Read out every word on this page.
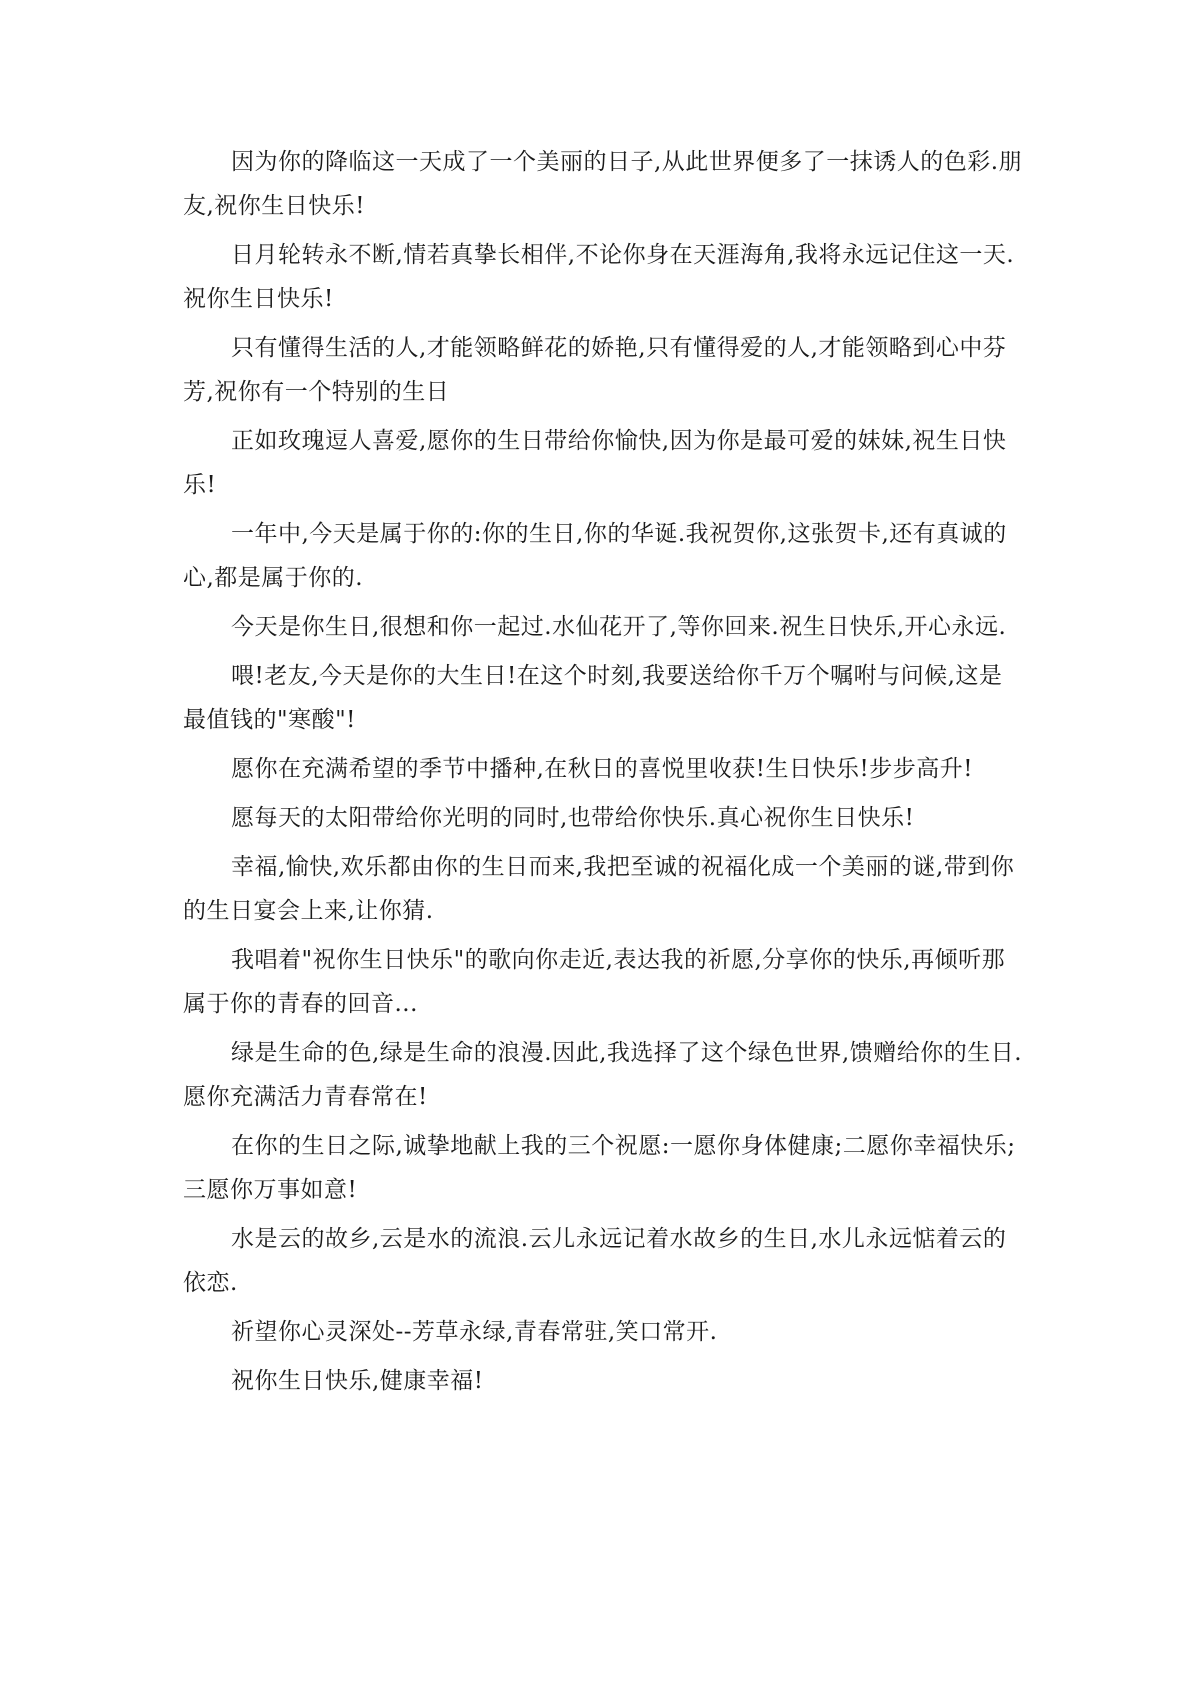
因为你的降临这一天成了一个美丽的日子,从此世界便多了一抹诱人的色彩.朋友,祝你生日快乐!

日月轮转永不断,情若真挚长相伴,不论你身在天涯海角,我将永远记住这一天.祝你生日快乐!

只有懂得生活的人,才能领略鲜花的娇艳,只有懂得爱的人,才能领略到心中芬芳,祝你有一个特别的生日

正如玫瑰逗人喜爱,愿你的生日带给你愉快,因为你是最可爱的妹妹,祝生日快乐!

一年中,今天是属于你的:你的生日,你的华诞.我祝贺你,这张贺卡,还有真诚的心,都是属于你的.

今天是你生日,很想和你一起过.水仙花开了,等你回来.祝生日快乐,开心永远.

喂!老友,今天是你的大生日!在这个时刻,我要送给你千万个嘱咐与问候,这是最值钱的"寒酸"!

愿你在充满希望的季节中播种,在秋日的喜悦里收获!生日快乐!步步高升!

愿每天的太阳带给你光明的同时,也带给你快乐.真心祝你生日快乐!

幸福,愉快,欢乐都由你的生日而来,我把至诚的祝福化成一个美丽的谜,带到你的生日宴会上来,让你猜.

我唱着"祝你生日快乐"的歌向你走近,表达我的祈愿,分享你的快乐,再倾听那属于你的青春的回音...

绿是生命的色,绿是生命的浪漫.因此,我选择了这个绿色世界,馈赠给你的生日.愿你充满活力青春常在!

在你的生日之际,诚挚地献上我的三个祝愿:一愿你身体健康;二愿你幸福快乐;三愿你万事如意!

水是云的故乡,云是水的流浪.云儿永远记着水故乡的生日,水儿永远惦着云的依恋.

祈望你心灵深处--芳草永绿,青春常驻,笑口常开.

祝你生日快乐,健康幸福!
